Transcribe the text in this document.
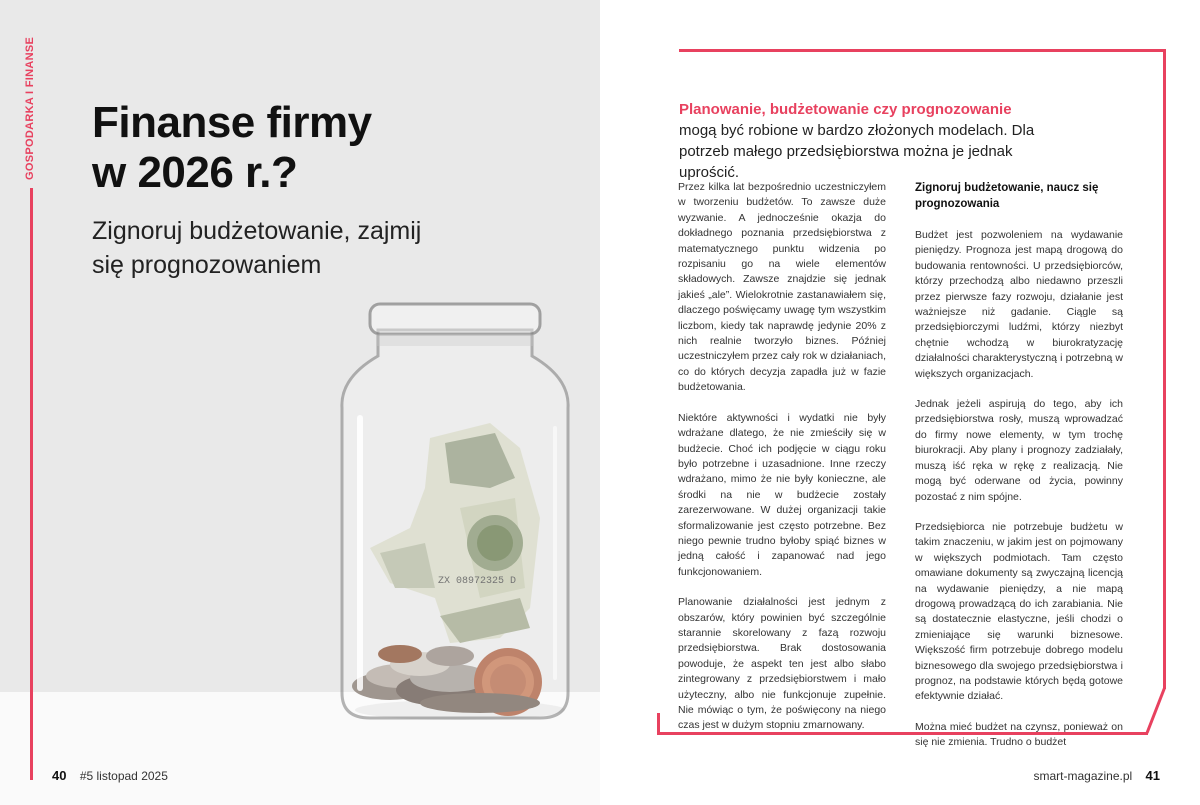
GOSPODARKA I FINANSE Finanse firmy
w 2026 r.?
Zignoruj budżetowanie, zajmij
się prognozowaniem
40 #5 listopad 2025

Planowanie, budżetowanie czy prognozowanie mogą być robione w bardzo złożonych modelach. Dla potrzeb małego przedsiębiorstwa można je jednak uprościć.

Przez kilka lat bezpośrednio uczestniczyłem w tworzeniu budżetów. To zawsze duże wyzwanie. A jednocześnie okazja do dokładnego poznania przedsiębiorstwa z matematycznego punktu widzenia po rozpisaniu go na wiele elementów składowych. Zawsze znajdzie się jednak jakieś „ale”. Wielokrotnie zastanawiałem się, dlaczego poświęcamy uwagę tym wszystkim liczbom, kiedy tak naprawdę jedynie 20% z nich realnie tworzyło biznes. Później uczestniczyłem przez cały rok w działaniach, co do których decyzja zapadła już w fazie budżetowania.

Niektóre aktywności i wydatki nie były wdrażane dlatego, że nie zmieściły się w budżecie. Choć ich podjęcie w ciągu roku było potrzebne i uzasadnione. Inne rzeczy wdrażano, mimo że nie były konieczne, ale środki na nie w budżecie zostały zarezerwowane. W dużej organizacji takie sformalizowanie jest często potrzebne. Bez niego pewnie trudno byłoby spiąć biznes w jedną całość i zapanować nad jego funkcjonowaniem.

Planowanie działalności jest jednym z obszarów, który powinien być szczególnie starannie skorelowany z fazą rozwoju przedsiębiorstwa. Brak dostosowania powoduje, że aspekt ten jest albo słabo zintegrowany z przedsiębiorstwem i mało użyteczny, albo nie funkcjonuje zupełnie. Nie mówiąc o tym, że poświęcony na niego czas jest w dużym stopniu zmarnowany.

Zignoruj budżetowanie, naucz się prognozowania

Budżet jest pozwoleniem na wydawanie pieniędzy. Prognoza jest mapą drogową do budowania rentowności. U przedsiębiorców, którzy przechodzą albo niedawno przeszli przez pierwsze fazy rozwoju, działanie jest ważniejsze niż gadanie. Ciągle są przedsiębiorczymi ludźmi, którzy niezbyt chętnie wchodzą w biurokratyzację działalności charakterystyczną i potrzebną w większych organizacjach.

Jednak jeżeli aspirują do tego, aby ich przedsiębiorstwa rosły, muszą wprowadzać do firmy nowe elementy, w tym trochę biurokracji. Aby plany i prognozy zadziałały, muszą iść ręka w rękę z realizacją. Nie mogą być oderwane od życia, powinny pozostać z nim spójne.

Przedsiębiorca nie potrzebuje budżetu w takim znaczeniu, w jakim jest on pojmowany w większych podmiotach. Tam często omawiane dokumenty są zwyczajną licencją na wydawanie pieniędzy, a nie mapą drogową prowadzącą do ich zarabiania. Nie są dostatecznie elastyczne, jeśli chodzi o zmieniające się warunki biznesowe. Większość firm potrzebuje dobrego modelu biznesowego dla swojego przedsiębiorstwa i prognoz, na podstawie których będą gotowe efektywnie działać.

Można mieć budżet na czynsz, ponieważ on się nie zmienia. Trudno o budżet

smart-magazine.pl 41
